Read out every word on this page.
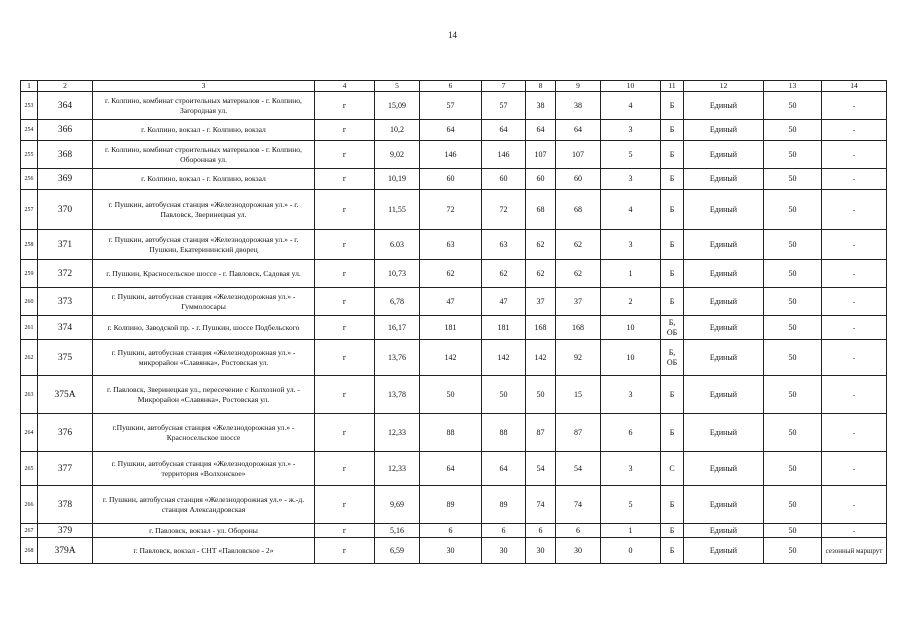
14
1	2	3	4	5	6	7	8	9	10	11	12	13	14
253	364	г. Колпино, комбинат строительных материалов - г. Колпино, Загородная ул.	г	15,09	57	57	38	38	4	Б	Единый	50	-
254	366	г. Колпино, вокзал - г. Колпино, вокзал	г	10,2	64	64	64	64	3	Б	Единый	50	-
255	368	г. Колпино, комбинат строительных материалов - г. Колпино, Оборонная ул.	г	9,02	146	146	107	107	5	Б	Единый	50	-
256	369	г. Колпино, вокзал - г. Колпино, вокзал	г	10,19	60	60	60	60	3	Б	Единый	50	-
257	370	г. Пушкин, автобусная станция «Железнодорожная ул.» - г. Павловск, Зверинецкая ул.	г	11,55	72	72	68	68	4	Б	Единый	50	-
258	371	г. Пушкин, автобусная станция «Железнодорожная ул.» - г. Пушкин, Екатерининский дворец	г	6.03	63	63	62	62	3	Б	Единый	50	-
259	372	г. Пушкин, Красносельское шоссе - г. Павловск, Садовая ул.	г	10,73	62	62	62	62	1	Б	Единый	50	-
260	373	г. Пушкин, автобусная станция «Железнодорожная ул.» - Гуммолосары	г	6,78	47	47	37	37	2	Б	Единый	50	-
261	374	г. Колпино, Заводской пр. - г. Пушкин, шоссе Подбельского	г	16,17	181	181	168	168	10	Б, ОБ	Единый	50	-
262	375	г. Пушкин, автобусная станция «Железнодорожная ул.» - микрорайон «Славянка», Ростовская ул.	г	13,76	142	142	142	92	10	Б, ОБ	Единый	50	-
263	375А	г. Павловск, Зверинецкая ул., пересечение с Колхозной ул. - Микрорайон «Славянка», Ростовская ул.	г	13,78	50	50	50	15	3	Б	Единый	50	-
264	376	г.Пушкин, автобусная станция «Железнодорожная ул.» - Красносельское шоссе	г	12,33	88	88	87	87	6	Б	Единый	50	-
265	377	г. Пушкин, автобусная станция «Железнодорожная ул.» - территория «Волхонское»	г	12,33	64	64	54	54	3	С	Единый	50	-
266	378	г. Пушкин, автобусная станция «Железнодорожная ул.» - ж.-д. станция Александровская	г	9,69	89	89	74	74	5	Б	Единый	50	-
267	379	г. Павловск, вокзал - ул. Обороны	г	5,16	6	6	6	6	1	Б	Единый	50	-
268	379А	г. Павловск, вокзал - СНТ «Павловское - 2»	г	6,59	30	30	30	30	0	Б	Единый	50	сезонный маршрут
